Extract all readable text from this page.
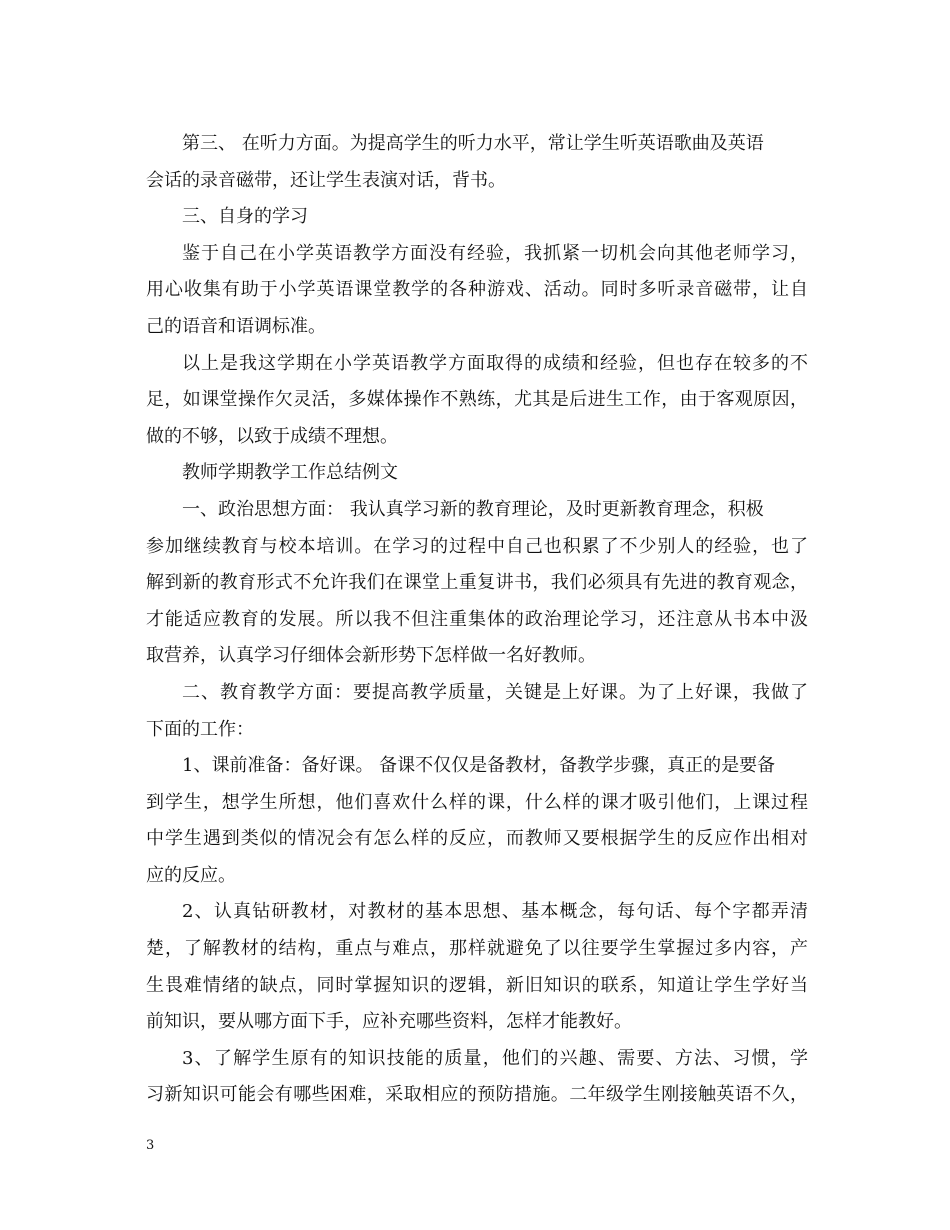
第三、 在听力方面。为提高学生的听力水平，常让学生听英语歌曲及英语
会话的录音磁带，还让学生表演对话，背书。
三、自身的学习
鉴于自己在小学英语教学方面没有经验，我抓紧一切机会向其他老师学习，
用心收集有助于小学英语课堂教学的各种游戏、活动。同时多听录音磁带，让自
己的语音和语调标准。
以上是我这学期在小学英语教学方面取得的成绩和经验，但也存在较多的不
足，如课堂操作欠灵活，多媒体操作不熟练，尤其是后进生工作，由于客观原因，
做的不够，以致于成绩不理想。
教师学期教学工作总结例文
一、政治思想方面： 我认真学习新的教育理论，及时更新教育理念，积极
参加继续教育与校本培训。在学习的过程中自己也积累了不少别人的经验，也了
解到新的教育形式不允许我们在课堂上重复讲书，我们必须具有先进的教育观念，
才能适应教育的发展。所以我不但注重集体的政治理论学习，还注意从书本中汲
取营养，认真学习仔细体会新形势下怎样做一名好教师。
二、教育教学方面：要提高教学质量，关键是上好课。为了上好课，我做了
下面的工作：
1、课前准备：备好课。 备课不仅仅是备教材，备教学步骤，真正的是要备
到学生，想学生所想，他们喜欢什么样的课，什么样的课才吸引他们，上课过程
中学生遇到类似的情况会有怎么样的反应，而教师又要根据学生的反应作出相对
应的反应。
2、认真钻研教材，对教材的基本思想、基本概念，每句话、每个字都弄清
楚，了解教材的结构，重点与难点，那样就避免了以往要学生掌握过多内容，产
生畏难情绪的缺点，同时掌握知识的逻辑，新旧知识的联系，知道让学生学好当
前知识，要从哪方面下手，应补充哪些资料，怎样才能教好。
3、了解学生原有的知识技能的质量，他们的兴趣、需要、方法、习惯，学
习新知识可能会有哪些困难，采取相应的预防措施。二年级学生刚接触英语不久，
3
